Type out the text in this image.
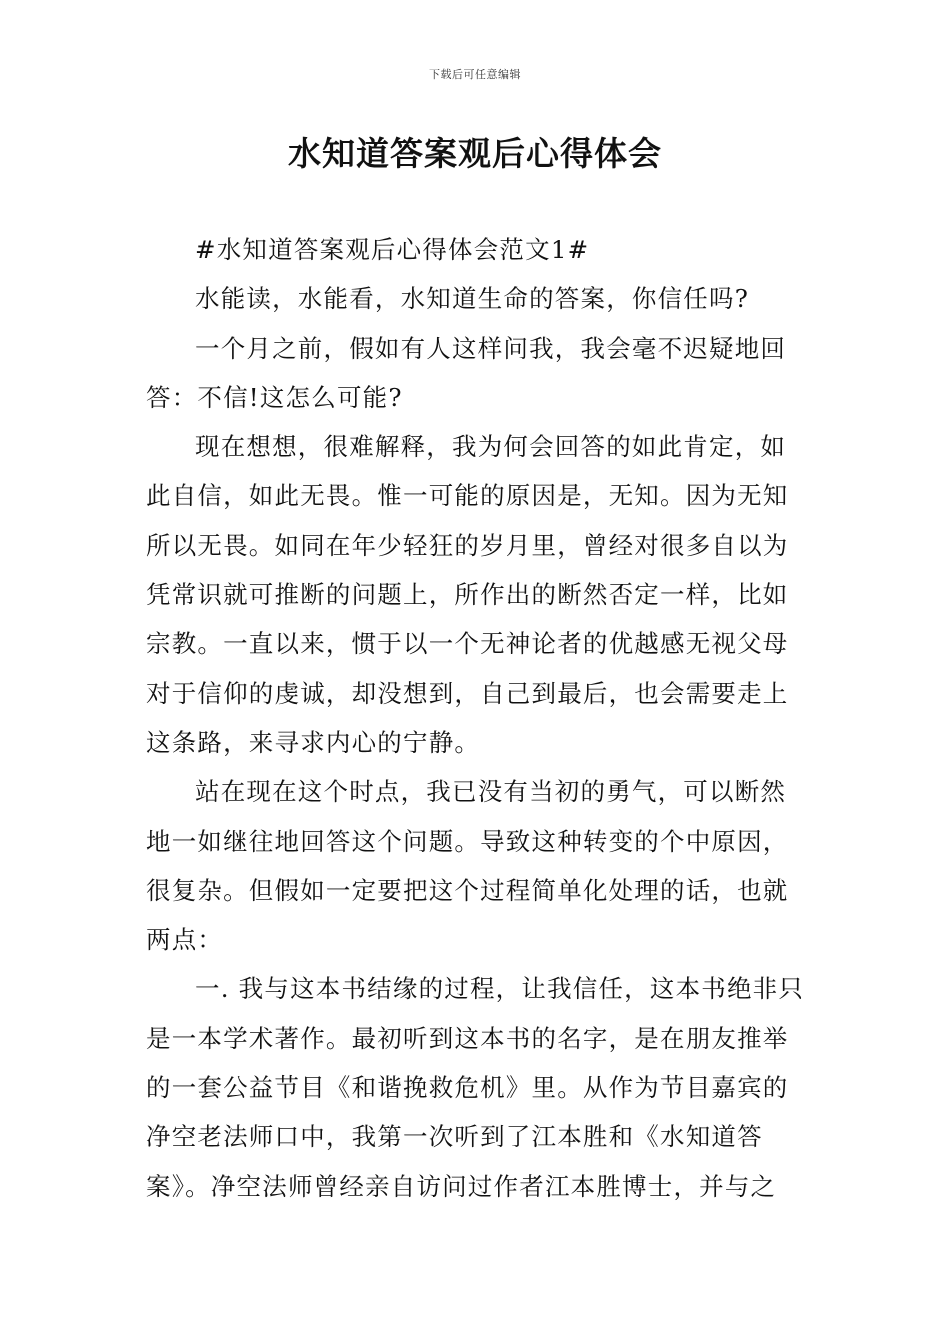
下载后可任意编辑
水知道答案观后心得体会

#水知道答案观后心得体会范文1#

水能读，水能看，水知道生命的答案，你信任吗?

一个月之前，假如有人这样问我，我会毫不迟疑地回答：不信!这怎么可能?

现在想想，很难解释，我为何会回答的如此肯定，如此自信，如此无畏。惟一可能的原因是，无知。因为无知所以无畏。如同在年少轻狂的岁月里，曾经对很多自以为凭常识就可推断的问题上，所作出的断然否定一样，比如宗教。一直以来，惯于以一个无神论者的优越感无视父母对于信仰的虔诚，却没想到，自己到最后，也会需要走上这条路，来寻求内心的宁静。

站在现在这个时点，我已没有当初的勇气，可以断然地一如继往地回答这个问题。导致这种转变的个中原因，很复杂。但假如一定要把这个过程简单化处理的话，也就两点：

一. 我与这本书结缘的过程，让我信任，这本书绝非只是一本学术著作。最初听到这本书的名字，是在朋友推举的一套公益节目《和谐挽救危机》里。从作为节目嘉宾的净空老法师口中，我第一次听到了江本胜和《水知道答案》。净空法师曾经亲自访问过作者江本胜博士，并与之
